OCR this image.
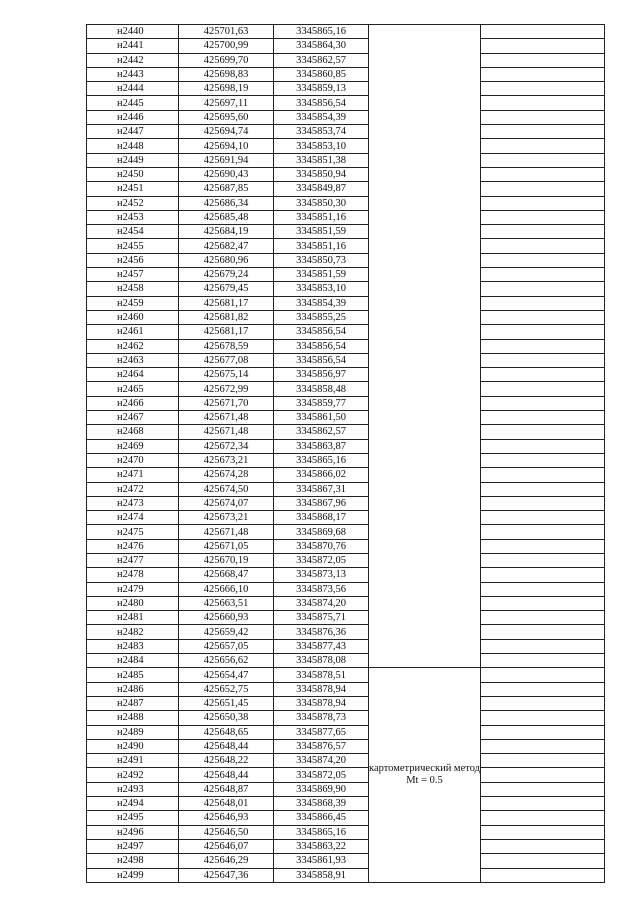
н2440	425701,63	3345865,16		
н2441	425700,99	3345864,30		
н2442	425699,70	3345862,57		
н2443	425698,83	3345860,85		
н2444	425698,19	3345859,13		
н2445	425697,11	3345856,54		
н2446	425695,60	3345854,39		
н2447	425694,74	3345853,74		
н2448	425694,10	3345853,10		
н2449	425691,94	3345851,38		
н2450	425690,43	3345850,94		
н2451	425687,85	3345849,87		
н2452	425686,34	3345850,30		
н2453	425685,48	3345851,16		
н2454	425684,19	3345851,59		
н2455	425682,47	3345851,16		
н2456	425680,96	3345850,73		
н2457	425679,24	3345851,59		
н2458	425679,45	3345853,10		
н2459	425681,17	3345854,39		
н2460	425681,82	3345855,25		
н2461	425681,17	3345856,54		
н2462	425678,59	3345856,54		
н2463	425677,08	3345856,54		
н2464	425675,14	3345856,97		
н2465	425672,99	3345858,48		
н2466	425671,70	3345859,77		
н2467	425671,48	3345861,50		
н2468	425671,48	3345862,57		
н2469	425672,34	3345863,87		
н2470	425673,21	3345865,16		
н2471	425674,28	3345866,02		
н2472	425674,50	3345867,31		
н2473	425674,07	3345867,96		
н2474	425673,21	3345868,17		
н2475	425671,48	3345869,68		
н2476	425671,05	3345870,76		
н2477	425670,19	3345872,05		
н2478	425668,47	3345873,13		
н2479	425666,10	3345873,56		
н2480	425663,51	3345874,20		
н2481	425660,93	3345875,71		
н2482	425659,42	3345876,36		
н2483	425657,05	3345877,43		
н2484	425656,62	3345878,08		
н2485	425654,47	3345878,51	картометрический метод Mt = 0.5	
н2486	425652,75	3345878,94		
н2487	425651,45	3345878,94		
н2488	425650,38	3345878,73		
н2489	425648,65	3345877,65		
н2490	425648,44	3345876,57		
н2491	425648,22	3345874,20		
н2492	425648,44	3345872,05		
н2493	425648,87	3345869,90		
н2494	425648,01	3345868,39		
н2495	425646,93	3345866,45		
н2496	425646,50	3345865,16		
н2497	425646,07	3345863,22		
н2498	425646,29	3345861,93		
н2499	425647,36	3345858,91		
